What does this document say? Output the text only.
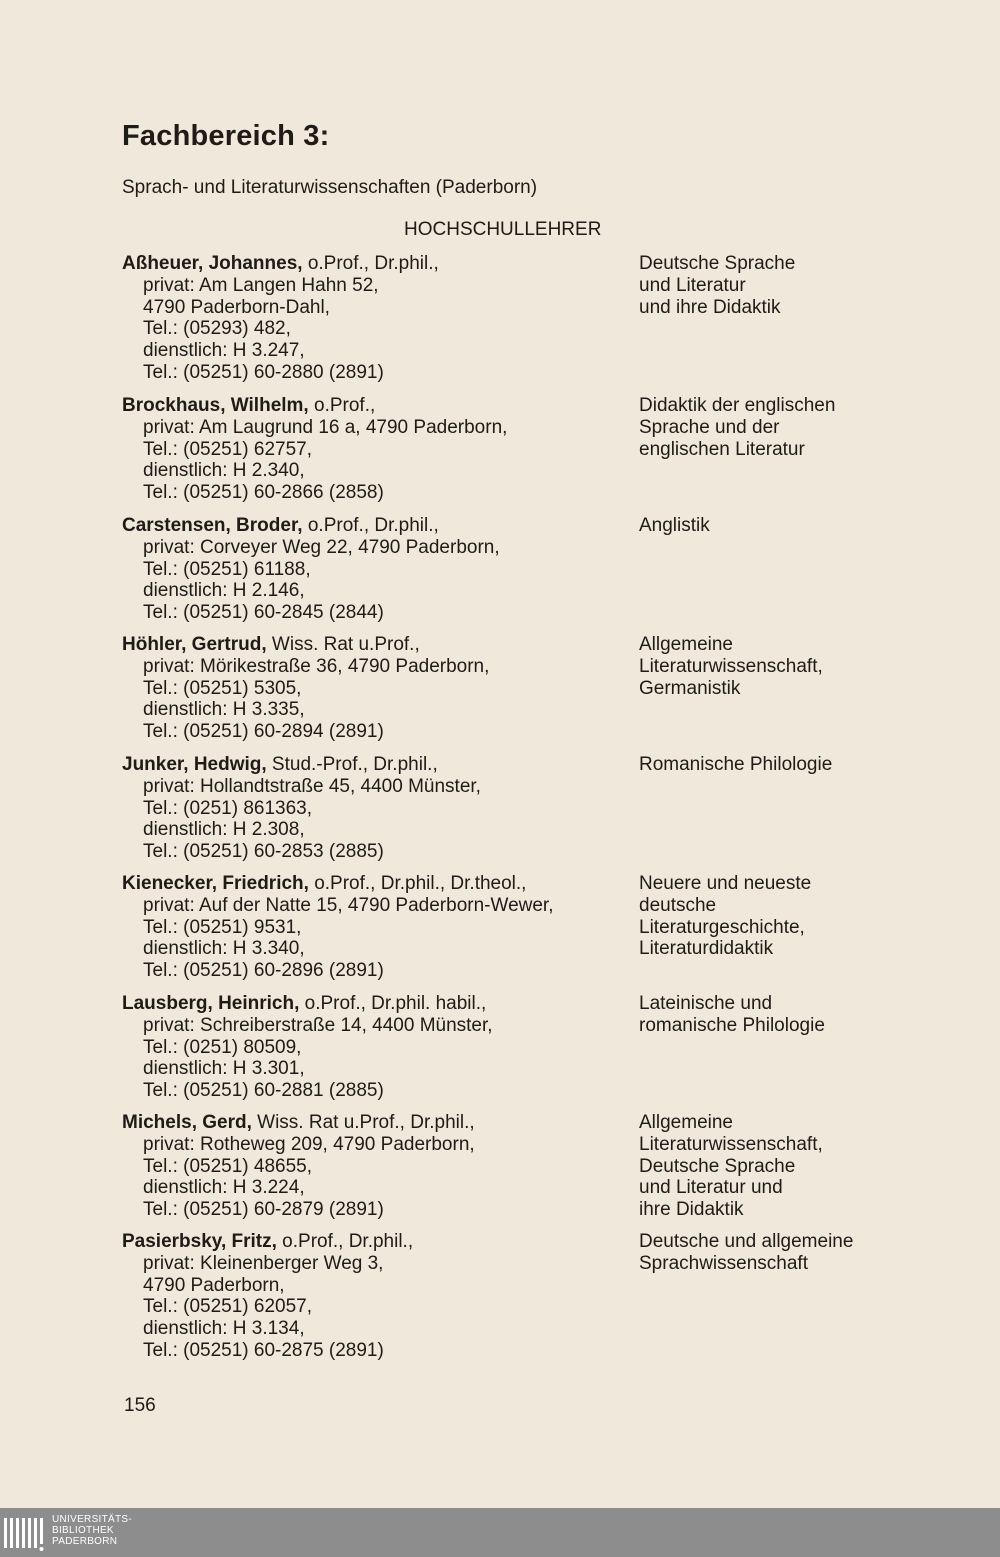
Fachbereich 3:
Sprach- und Literaturwissenschaften (Paderborn)
HOCHSCHULLEHRER
Aßheuer, Johannes, o.Prof., Dr.phil.,
privat: Am Langen Hahn 52,
4790 Paderborn-Dahl,
Tel.: (05293) 482,
dienstlich: H 3.247,
Tel.: (05251) 60-2880 (2891)
Deutsche Sprache
und Literatur
und ihre Didaktik
Brockhaus, Wilhelm, o.Prof.,
privat: Am Laugrund 16 a, 4790 Paderborn,
Tel.: (05251) 62757,
dienstlich: H 2.340,
Tel.: (05251) 60-2866 (2858)
Didaktik der englischen
Sprache und der
englischen Literatur
Carstensen, Broder, o.Prof., Dr.phil.,
privat: Corveyer Weg 22, 4790 Paderborn,
Tel.: (05251) 61188,
dienstlich: H 2.146,
Tel.: (05251) 60-2845 (2844)
Anglistik
Höhler, Gertrud, Wiss. Rat u.Prof.,
privat: Mörikestraße 36, 4790 Paderborn,
Tel.: (05251) 5305,
dienstlich: H 3.335,
Tel.: (05251) 60-2894 (2891)
Allgemeine
Literaturwissenschaft,
Germanistik
Junker, Hedwig, Stud.-Prof., Dr.phil.,
privat: Hollandtstraße 45, 4400 Münster,
Tel.: (0251) 861363,
dienstlich: H 2.308,
Tel.: (05251) 60-2853 (2885)
Romanische Philologie
Kienecker, Friedrich, o.Prof., Dr.phil., Dr.theol.,
privat: Auf der Natte 15, 4790 Paderborn-Wewer,
Tel.: (05251) 9531,
dienstlich: H 3.340,
Tel.: (05251) 60-2896 (2891)
Neuere und neueste
deutsche
Literaturgeschichte,
Literaturdidaktik
Lausberg, Heinrich, o.Prof., Dr.phil. habil.,
privat: Schreiberstraße 14, 4400 Münster,
Tel.: (0251) 80509,
dienstlich: H 3.301,
Tel.: (05251) 60-2881 (2885)
Lateinische und
romanische Philologie
Michels, Gerd, Wiss. Rat u.Prof., Dr.phil.,
privat: Rotheweg 209, 4790 Paderborn,
Tel.: (05251) 48655,
dienstlich: H 3.224,
Tel.: (05251) 60-2879 (2891)
Allgemeine
Literaturwissenschaft,
Deutsche Sprache
und Literatur und
ihre Didaktik
Pasierbsky, Fritz, o.Prof., Dr.phil.,
privat: Kleinenberger Weg 3,
4790 Paderborn,
Tel.: (05251) 62057,
dienstlich: H 3.134,
Tel.: (05251) 60-2875 (2891)
Deutsche und allgemeine
Sprachwissenschaft
156
UNIVERSITÄTS-
BIBLIOTHEK
PADERBORN
